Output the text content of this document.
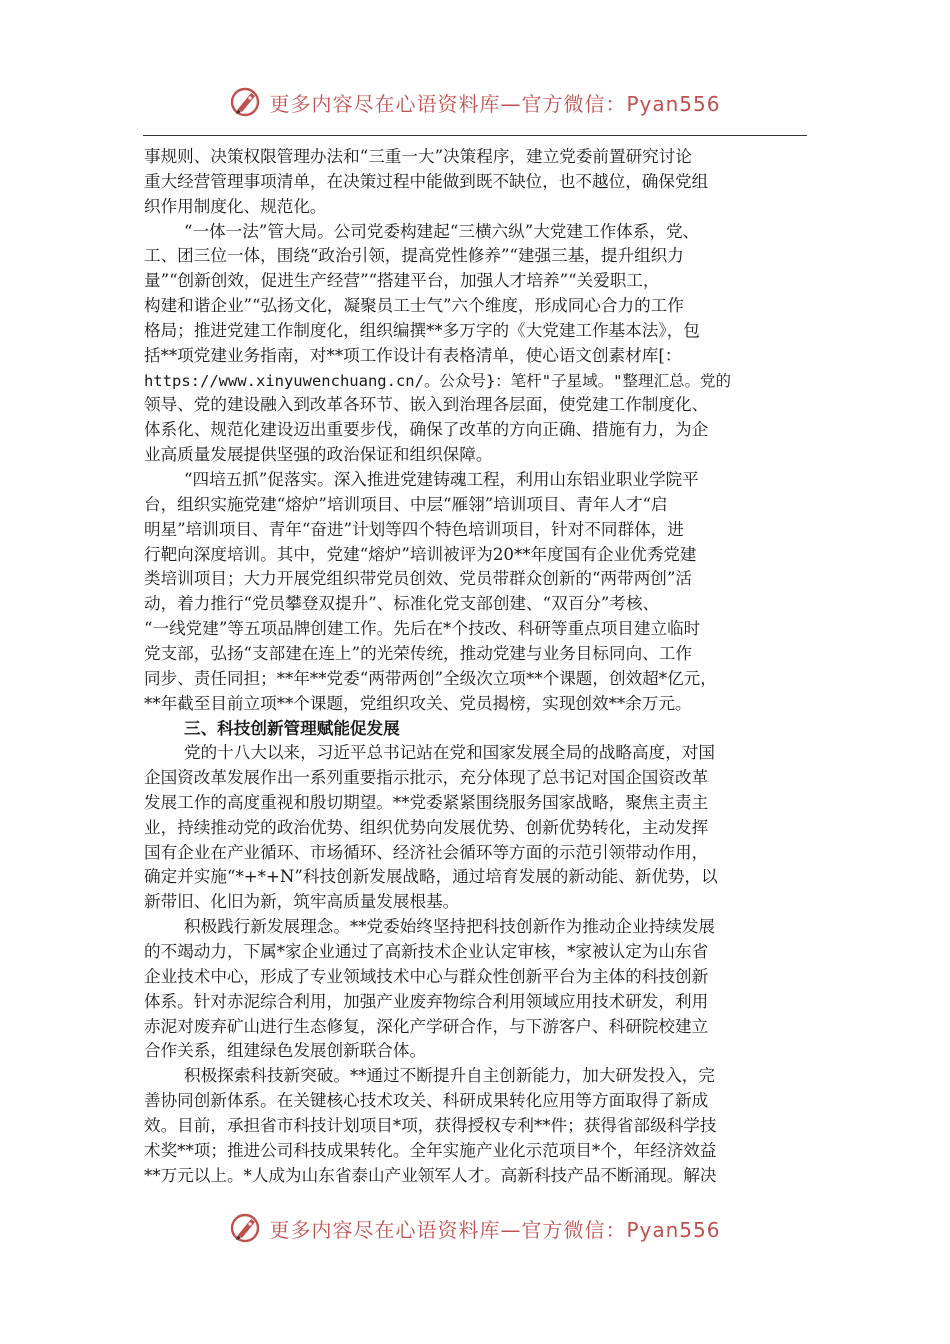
更多内容尽在心语资料库—官方微信：Pyan556
事规则、决策权限管理办法和“三重一大”决策程序，建立党委前置研究讨论
重大经营管理事项清单，在决策过程中能做到既不缺位，也不越位，确保党组
织作用制度化、规范化。
“一体一法”管大局。公司党委构建起“三横六纵”大党建工作体系，党、
工、团三位一体，围绕“政治引领，提高党性修养”“建强三基，提升组织力
量”“创新创效，促进生产经营”“搭建平台，加强人才培养”“关爱职工，
构建和谐企业”“弘扬文化，凝聚员工士气”六个维度，形成同心合力的工作
格局；推进党建工作制度化，组织编撰**多万字的《大党建工作基本法》，包
括**项党建业务指南，对**项工作设计有表格清单，使心语文创素材库[：
https://www.xinyuwenchuang.cn/。公众号}：笔杆"子星域。"整理汇总。党的
领导、党的建设融入到改革各环节、嵌入到治理各层面，使党建工作制度化、
体系化、规范化建设迈出重要步伐，确保了改革的方向正确、措施有力，为企
业高质量发展提供坚强的政治保证和组织保障。
“四培五抓”促落实。深入推进党建铸魂工程，利用山东铝业职业学院平
台，组织实施党建“熔炉”培训项目、中层“雁翎”培训项目、青年人才“启
明星”培训项目、青年“奋进”计划等四个特色培训项目，针对不同群体，进
行靶向深度培训。其中，党建“熔炉”培训被评为20**年度国有企业优秀党建
类培训项目；大力开展党组织带党员创效、党员带群众创新的“两带两创”活
动，着力推行“党员攀登双提升”、标准化党支部创建、“双百分”考核、
“一线党建”等五项品牌创建工作。先后在*个技改、科研等重点项目建立临时
党支部，弘扬“支部建在连上”的光荣传统，推动党建与业务目标同向、工作
同步、责任同担；**年**党委“两带两创”全级次立项**个课题，创效超*亿元，
**年截至目前立项**个课题，党组织攻关、党员揭榜，实现创效**余万元。
三、科技创新管理赋能促发展
党的十八大以来，习近平总书记站在党和国家发展全局的战略高度，对国
企国资改革发展作出一系列重要指示批示，充分体现了总书记对国企国资改革
发展工作的高度重视和殷切期望。**党委紧紧围绕服务国家战略，聚焦主责主
业，持续推动党的政治优势、组织优势向发展优势、创新优势转化，主动发挥
国有企业在产业循环、市场循环、经济社会循环等方面的示范引领带动作用，
确定并实施“*+*+N”科技创新发展战略，通过培育发展的新动能、新优势，以
新带旧、化旧为新，筑牢高质量发展根基。
积极践行新发展理念。**党委始终坚持把科技创新作为推动企业持续发展
的不竭动力，下属*家企业通过了高新技术企业认定审核，*家被认定为山东省
企业技术中心，形成了专业领域技术中心与群众性创新平台为主体的科技创新
体系。针对赤泥综合利用，加强产业废弃物综合利用领域应用技术研发，利用
赤泥对废弃矿山进行生态修复，深化产学研合作，与下游客户、科研院校建立
合作关系，组建绿色发展创新联合体。
积极探索科技新突破。**通过不断提升自主创新能力，加大研发投入，完
善协同创新体系。在关键核心技术攻关、科研成果转化应用等方面取得了新成
效。目前，承担省市科技计划项目*项，获得授权专利**件；获得省部级科学技
术奖**项；推进公司科技成果转化。全年实施产业化示范项目*个，年经济效益
**万元以上。*人成为山东省泰山产业领军人才。高新科技产品不断涌现。解决
更多内容尽在心语资料库—官方微信：Pyan556
